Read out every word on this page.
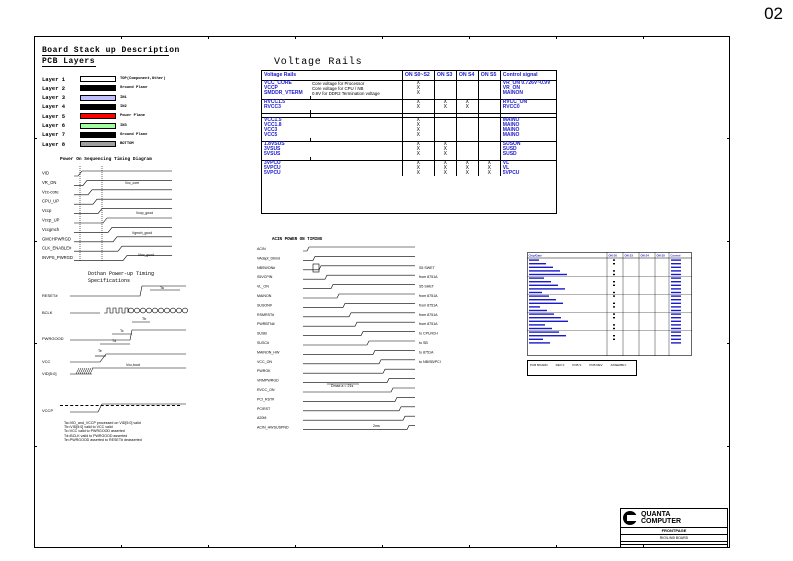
02
Board Stack up Description
PCB Layers
Layer 1	TOP(Component,Other)
Layer 2	Ground Plane
Layer 3	IN1
Layer 4	IN2
Layer 5	Power Plane
Layer 6	IN3
Layer 7	Ground Plane
Layer 8	BOTTOM
Power On Sequencing Timing Diagram
VID
VR_ON
Vcc-core
CPU_UP
Vccp
Vccp_UP
Vccgmch
GMCHPWRGD
CLK_ENABLE#
INVPS_PWRGD
Vcc_core
Vccp_good
Vgmch_good
Vinv_good
Dothan Power-up Timing
Specifications
RESET#
BCLK
PWRGOOD
VCC
VID[5:0]
VCCP
Ta
Tb
Tc
Td
Te
Vcc,boot
Ta=VID_and_VCCP processed on VID[5:0] valid
Tb=VID[5:0] valid to VCC valid
Tc=VCC valid to PWRGOOD asserted
Td=BCLK valid to PWRGOOD asserted
Te=PWRGOOD asserted to RESET# deasserted
Voltage Rails
Voltage Rails		ON S0~S2	ON S3	ON S4	ON S5	Control signal
VCC_CORE	Core voltage for Processor	X				VR_ON 0.726V~0.9V
VCCP	Core voltage for CPU / NB	X				VR_ON
SMDDR_VTERM	0.9V for DDR2 Termination voltage	X				MAINON

RVCC1.5		X	X	X		RVCC_ON
RVCC3		X	X	X		RVCC0

VCC1.5		X				MAINO
VCC1.8		X				MAINO
VCC3		X				MAINO
VCC5		X				MAINO

1.8VSUS		X	X			SUSON
3VSUS		X	X			SUSD
5VSUS		X	X			SUSD

3VPCU		X	X	X	X	VL
5VPCU		X	X	X	X	VL
5VPCU		X	X	X	X	5VPCU
ACIN POWER ON TIMING
ACIN
VAdapt_Dbind
NBSWON#	S5 SWET
S5VCPIN	from 8751A
VL_ON	S5 SHET
MAINON	from 8751A
SUSON#	from 8751A
RSMRST#	from 8751A
PWRBTN#	from 8751A
SUSB	to CPU/ICH
SUSC#	to SB
MAINON_HW	to 8751A
VCC_ON	to NB/SB/PCI
PWROK
VRMPWRGD
RVCC_ON
PCI_RST#
PCIRST
A20M
ACIN_HWSUSPND
Dmax a = 21s
2ms
Chip/Gate	ON S0	ON S3	ON S4	ON S5 Control
PCB BOARD	REV 0	PCB S	PCB REV	ASSEMBLY
QUANTA
COMPUTER
FRONTPAGE
RIO/L/NB BOARD
